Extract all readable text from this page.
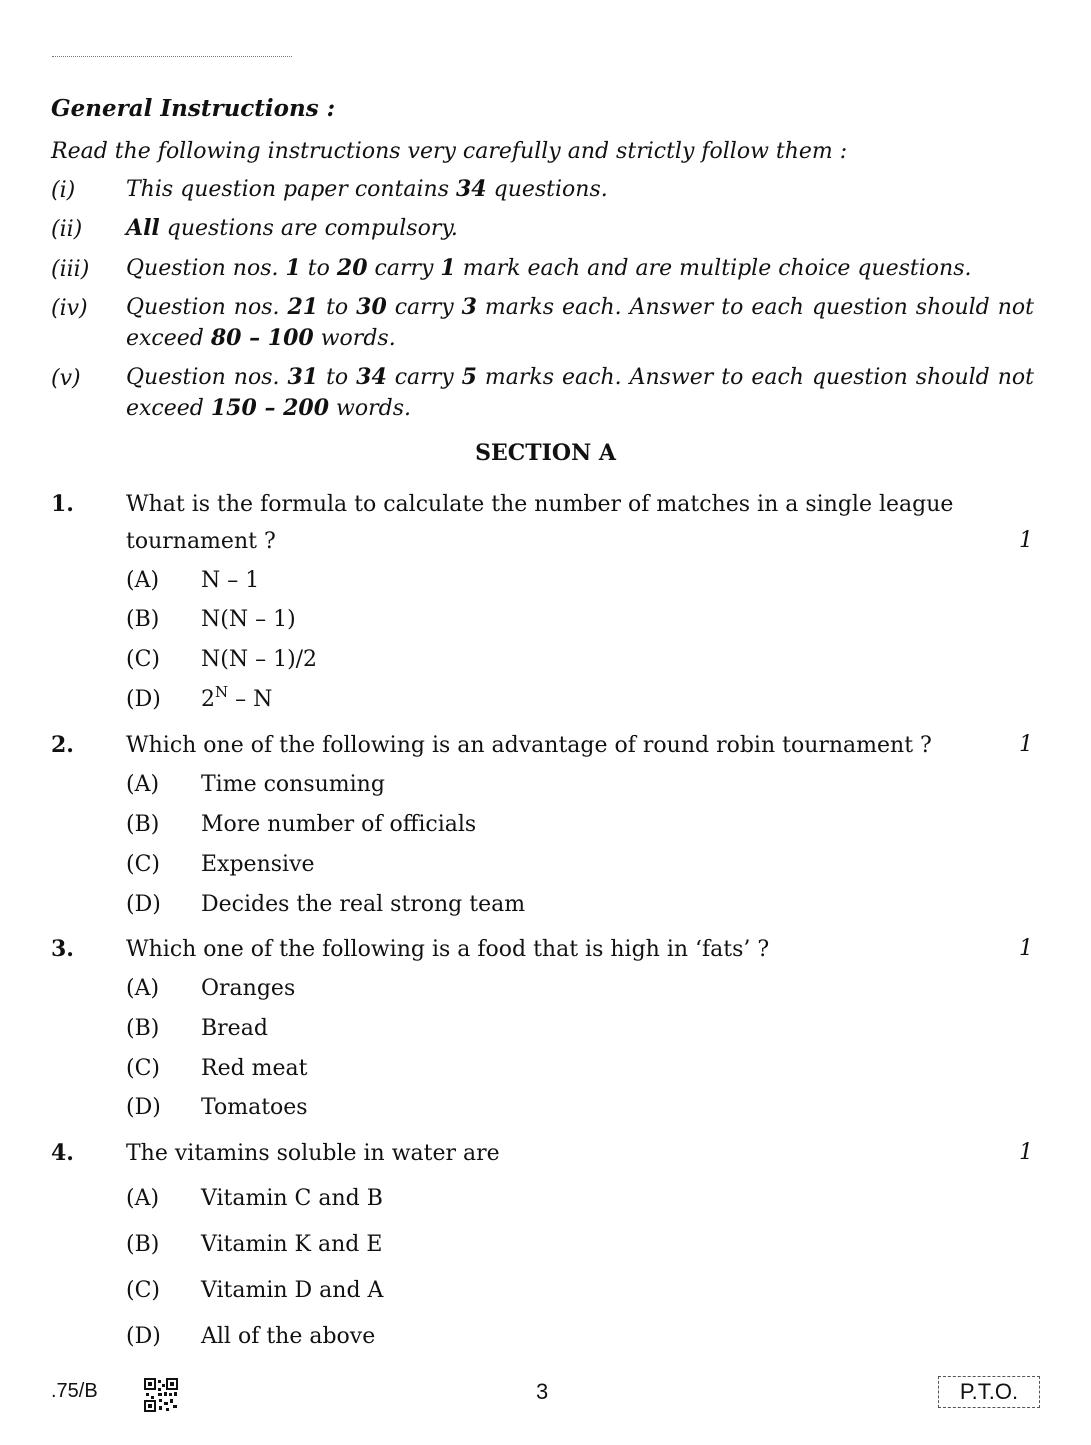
General Instructions :
Read the following instructions very carefully and strictly follow them :
(i) This question paper contains 34 questions.
(ii) All questions are compulsory.
(iii) Question nos. 1 to 20 carry 1 mark each and are multiple choice questions.
(iv) Question nos. 21 to 30 carry 3 marks each. Answer to each question should not exceed 80 – 100 words.
(v) Question nos. 31 to 34 carry 5 marks each. Answer to each question should not exceed 150 – 200 words.
SECTION A
1. What is the formula to calculate the number of matches in a single league tournament ?	1
(A) N – 1
(B) N(N – 1)
(C) N(N – 1)/2
(D) $2^N$ – N
2. Which one of the following is an advantage of round robin tournament ?	1
(A) Time consuming
(B) More number of officials
(C) Expensive
(D) Decides the real strong team
3. Which one of the following is a food that is high in ‘fats’ ?	1
(A) Oranges
(B) Bread
(C) Red meat
(D) Tomatoes
4. The vitamins soluble in water are	1
(A) Vitamin C and B
(B) Vitamin K and E
(C) Vitamin D and A
(D) All of the above
.75/B	3	P.T.O.
